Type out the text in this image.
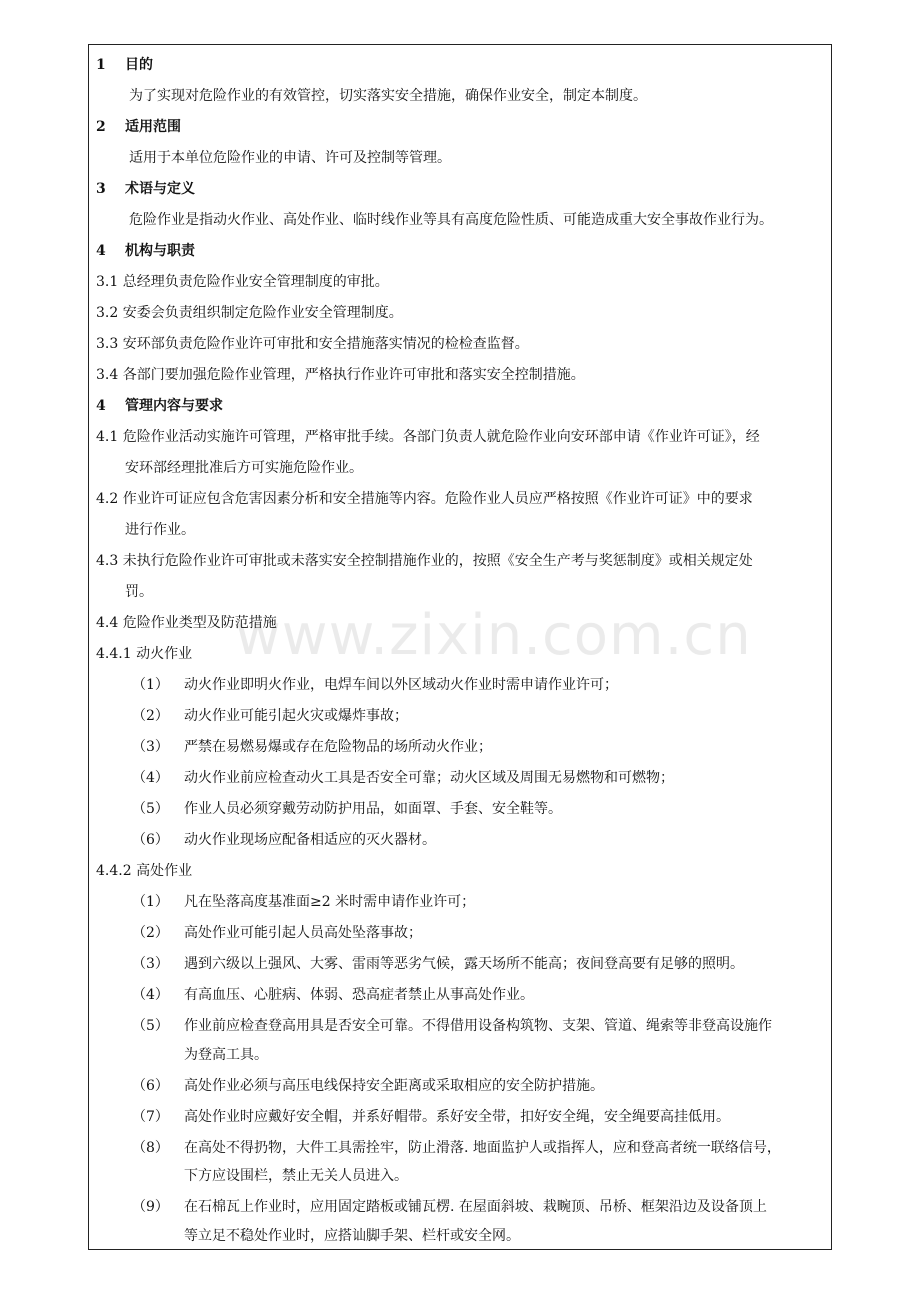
www.zixin.com.cn
1 目的
为了实现对危险作业的有效管控，切实落实安全措施，确保作业安全，制定本制度。
2 适用范围
适用于本单位危险作业的申请、许可及控制等管理。
3 术语与定义
危险作业是指动火作业、高处作业、临时线作业等具有高度危险性质、可能造成重大安全事故作业行为。
4 机构与职责
3.1 总经理负责危险作业安全管理制度的审批。
3.2 安委会负责组织制定危险作业安全管理制度。
3.3 安环部负责危险作业许可审批和安全措施落实情况的检检查监督。
3.4 各部门要加强危险作业管理，严格执行作业许可审批和落实安全控制措施。
4 管理内容与要求
4.1 危险作业活动实施许可管理，严格审批手续。各部门负责人就危险作业向安环部申请《作业许可证》，经
安环部经理批准后方可实施危险作业。
4.2 作业许可证应包含危害因素分析和安全措施等内容。危险作业人员应严格按照《作业许可证》中的要求
进行作业。
4.3 未执行危险作业许可审批或未落实安全控制措施作业的，按照《安全生产考与奖惩制度》或相关规定处
罚。
4.4 危险作业类型及防范措施
4.4.1 动火作业
（1） 动火作业即明火作业，电焊车间以外区域动火作业时需申请作业许可；
（2） 动火作业可能引起火灾或爆炸事故；
（3） 严禁在易燃易爆或存在危险物品的场所动火作业；
（4） 动火作业前应检查动火工具是否安全可靠；动火区域及周围无易燃物和可燃物；
（5） 作业人员必须穿戴劳动防护用品，如面罩、手套、安全鞋等。
（6） 动火作业现场应配备相适应的灭火器材。
4.4.2 高处作业
（1） 凡在坠落高度基准面≥2 米时需申请作业许可；
（2） 高处作业可能引起人员高处坠落事故；
（3） 遇到六级以上强风、大雾、雷雨等恶劣气候，露天场所不能高；夜间登高要有足够的照明。
（4） 有高血压、心脏病、体弱、恐高症者禁止从事高处作业。
（5） 作业前应检查登高用具是否安全可靠。不得借用设备构筑物、支架、管道、绳索等非登高设施作
为登高工具。
（6） 高处作业必须与高压电线保持安全距离或采取相应的安全防护措施。
（7） 高处作业时应戴好安全帽，并系好帽带。系好安全带，扣好安全绳，安全绳要高挂低用。
（8） 在高处不得扔物，大件工具需拴牢，防止滑落. 地面监护人或指挥人，应和登高者统一联络信号，
下方应设围栏，禁止无关人员进入。
（9） 在石棉瓦上作业时，应用固定踏板或铺瓦楞. 在屋面斜坡、栽畹顶、吊桥、框架沿边及设备顶上
等立足不稳处作业时，应搭讪脚手架、栏杆或安全网。
